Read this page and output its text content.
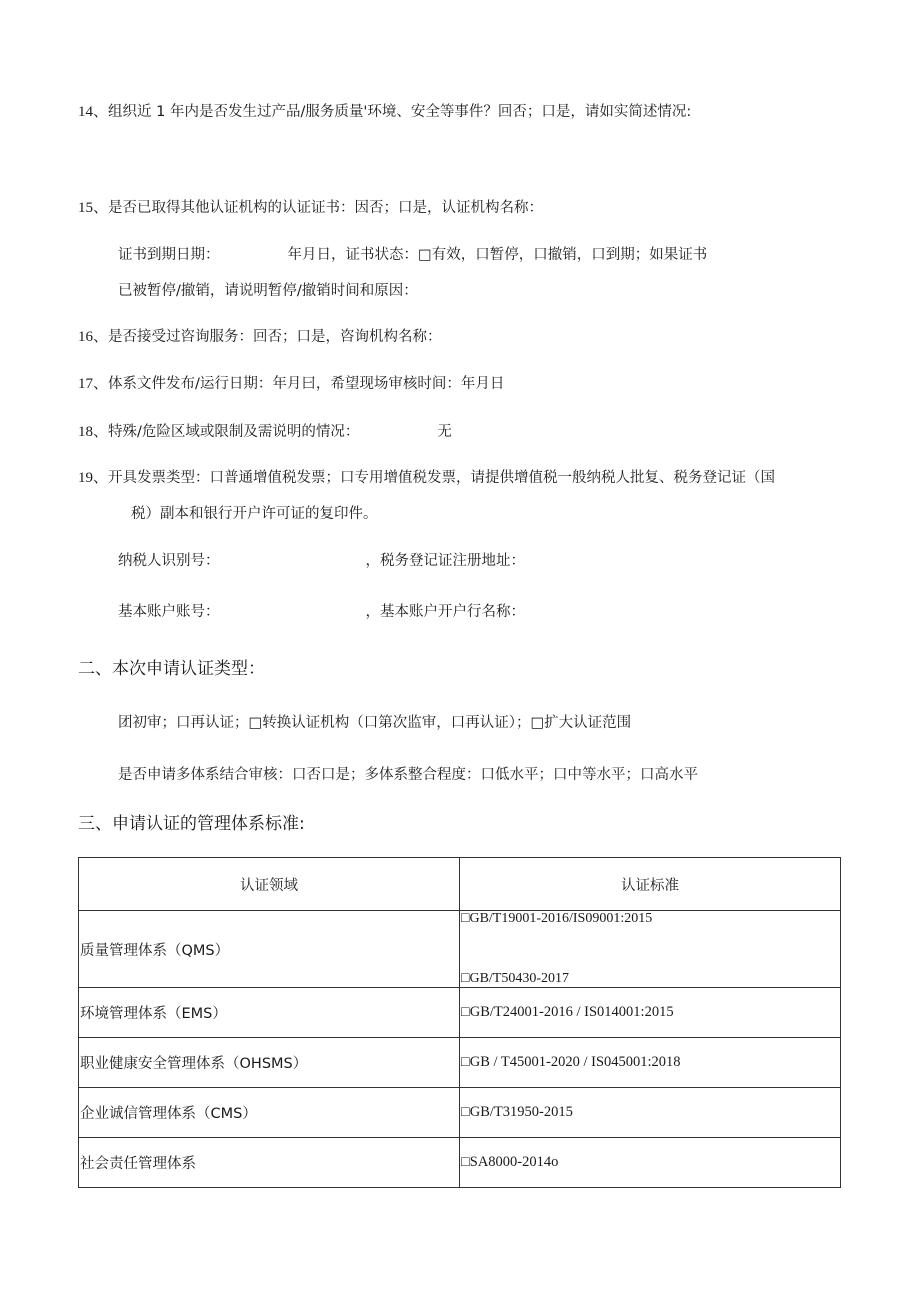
14、组织近 1 年内是否发生过产品/服务质量'环境、安全等事件？回否；口是，请如实简述情况:
15、是否已取得其他认证机构的认证证书：因否；口是，认证机构名称：
证书到期日期：	年月日，证书状态：□有效，口暂停，口撤销，口到期；如果证书
已被暂停/撤销，请说明暂停/撤销时间和原因：
16、是否接受过咨询服务：回否；口是，咨询机构名称：
17、体系文件发布/运行日期：年月曰，希望现场审核时间：年月日
18、特殊/危险区域或限制及需说明的情况：	无
19、开具发票类型：口普通增值税发票；口专用增值税发票，请提供增值税一般纳税人批复、税务登记证（国
税）副本和银行开户许可证的复印件。
纳税人识别号：	，税务登记证注册地址：
基本账户账号：	，基本账户开户行名称：
二、本次申请认证类型：
团初审；口再认证；□转换认证机构（口第次监审，口再认证）；□扩大认证范围
是否申请多体系结合审核：口否口是；多体系整合程度：口低水平；口中等水平；口高水平
三、申请认证的管理体系标准:
认证领域	认证标准
质量管理体系（QMS）	□GB/T19001-2016/IS09001:2015
□GB/T50430-2017

环境管理体系（EMS）	□GB/T24001-2016 / IS014001:2015
职业健康安全管理体系（OHSMS）	□GB / T45001-2020 / IS045001:2018
企业诚信管理体系（CMS）	□GB/T31950-2015
社会责任管理体系	□SA8000-2014o
